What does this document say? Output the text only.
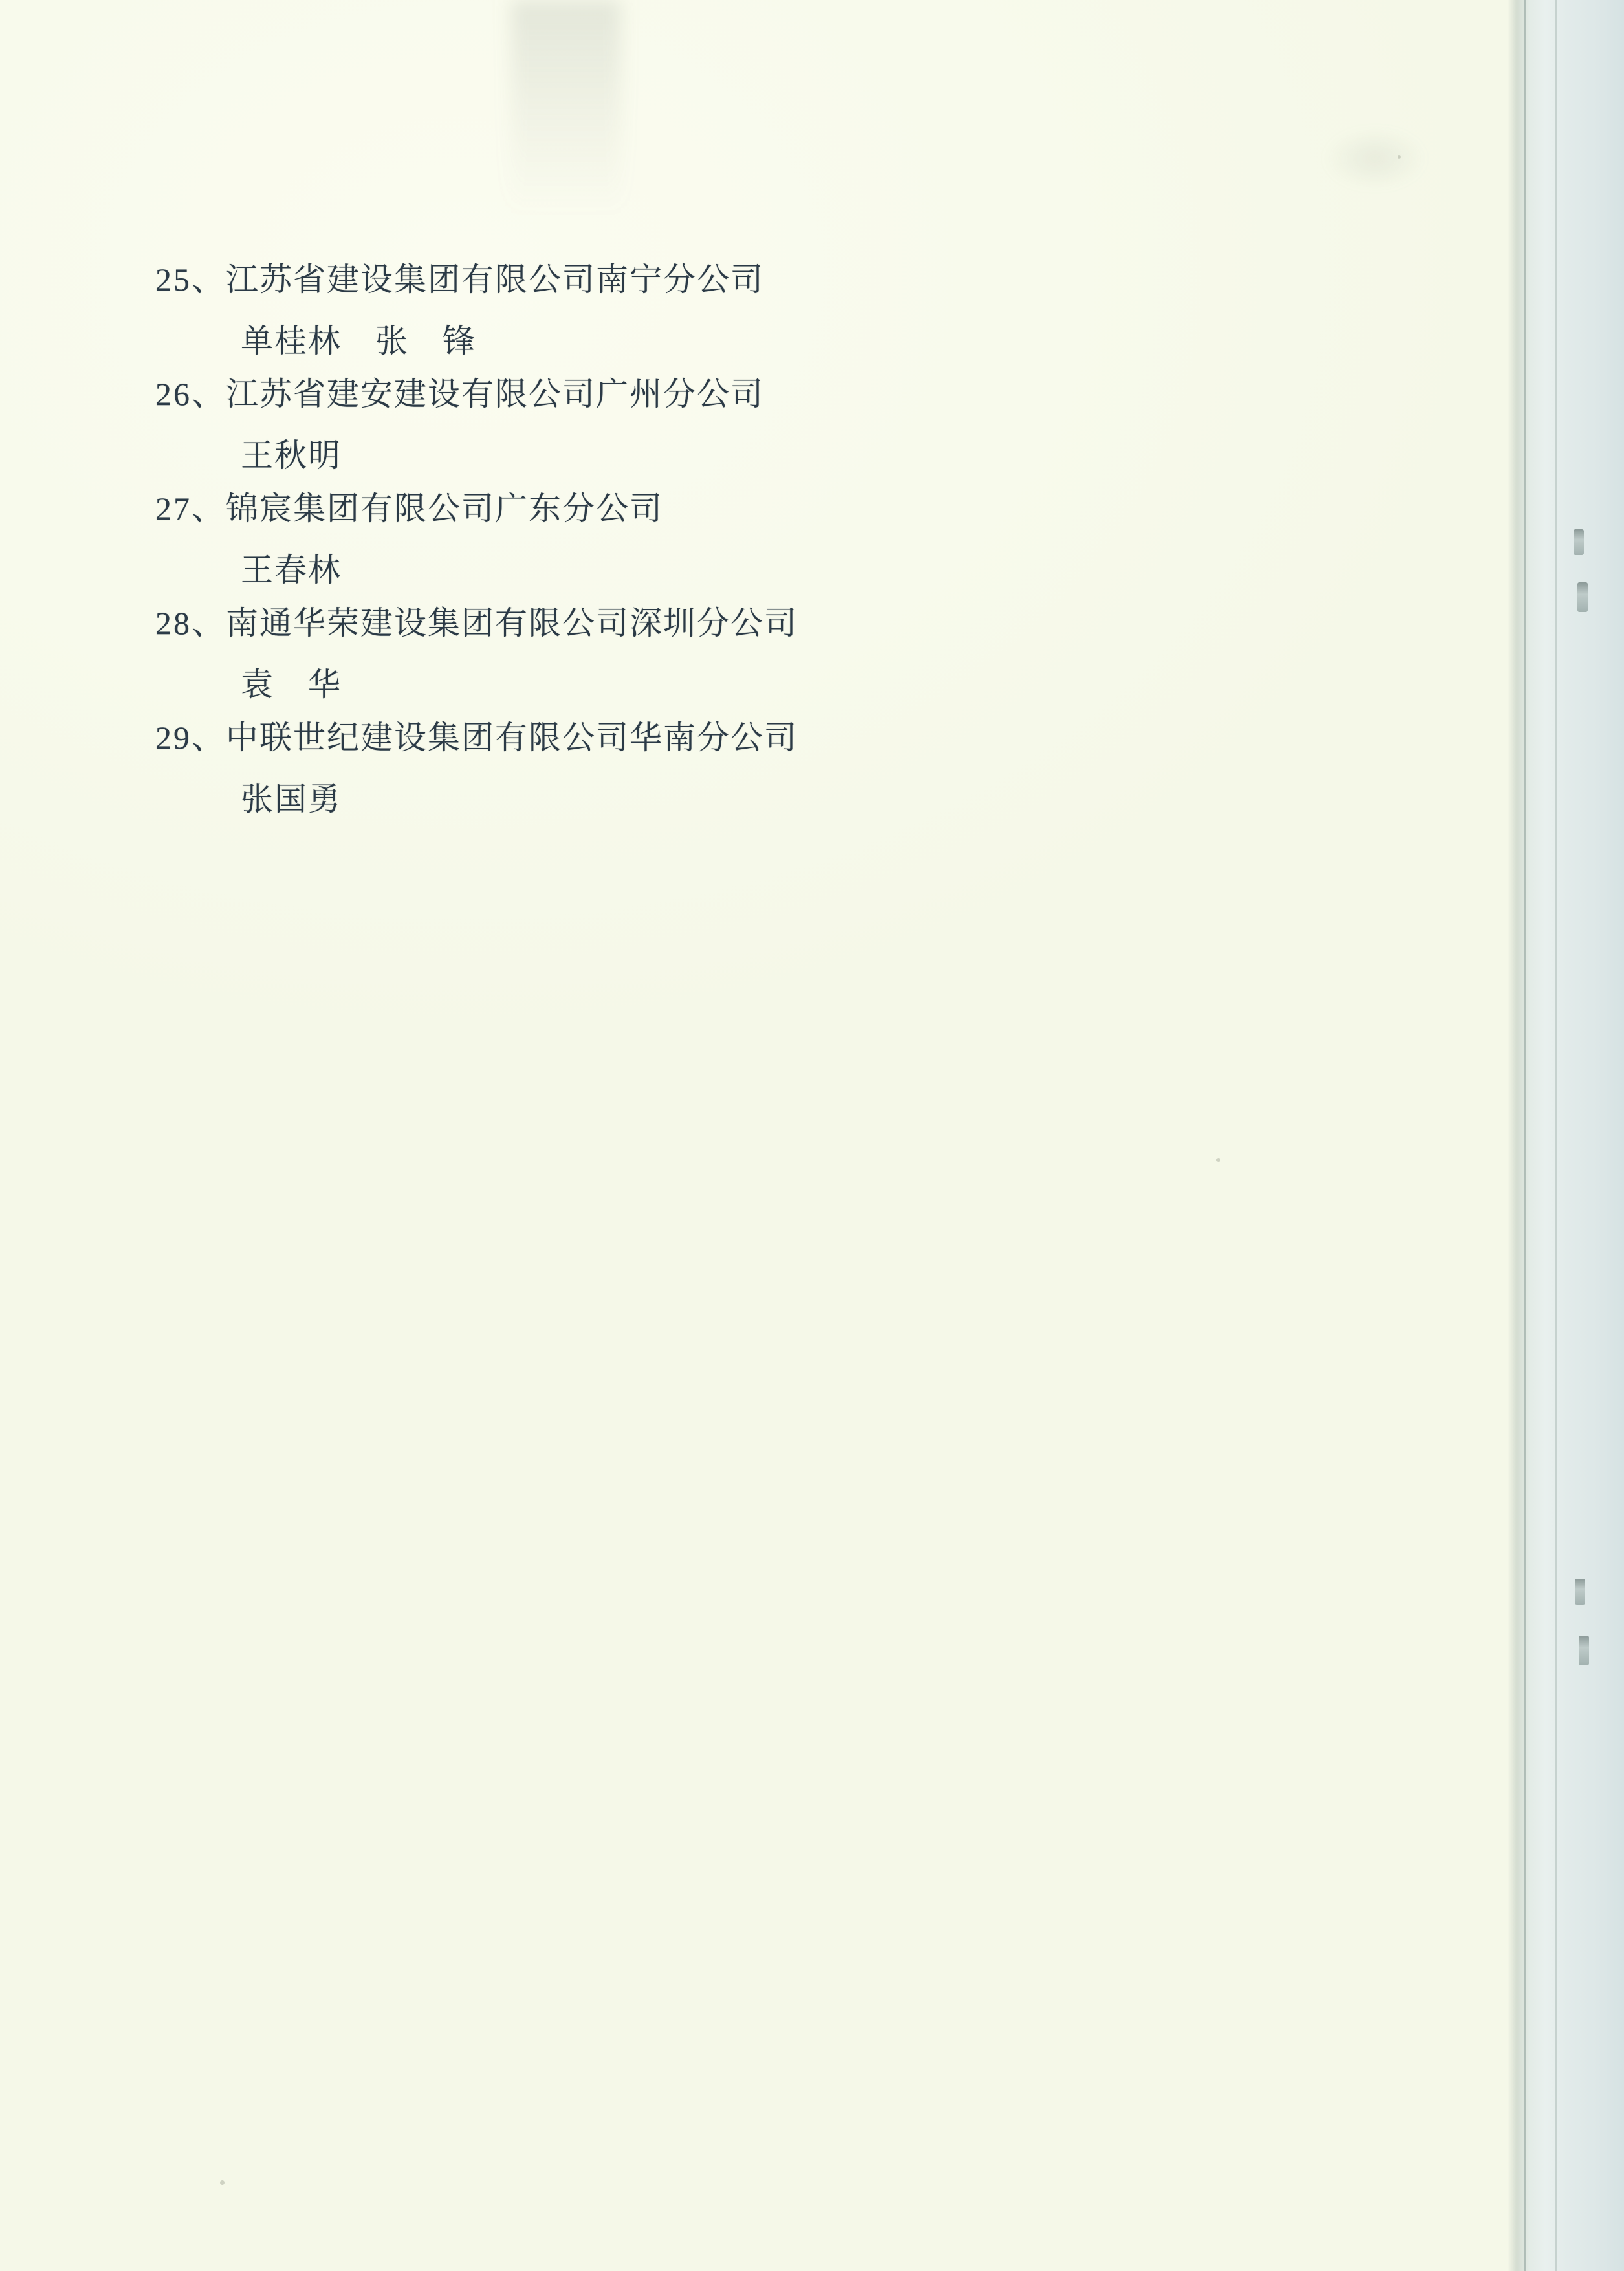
25、 江苏省建设集团有限公司南宁分公司
单桂林　张　锋
26、 江苏省建安建设有限公司广州分公司
王秋明
27、 锦宸集团有限公司广东分公司
王春林
28、 南通华荣建设集团有限公司深圳分公司
袁　华
29、 中联世纪建设集团有限公司华南分公司
张国勇
